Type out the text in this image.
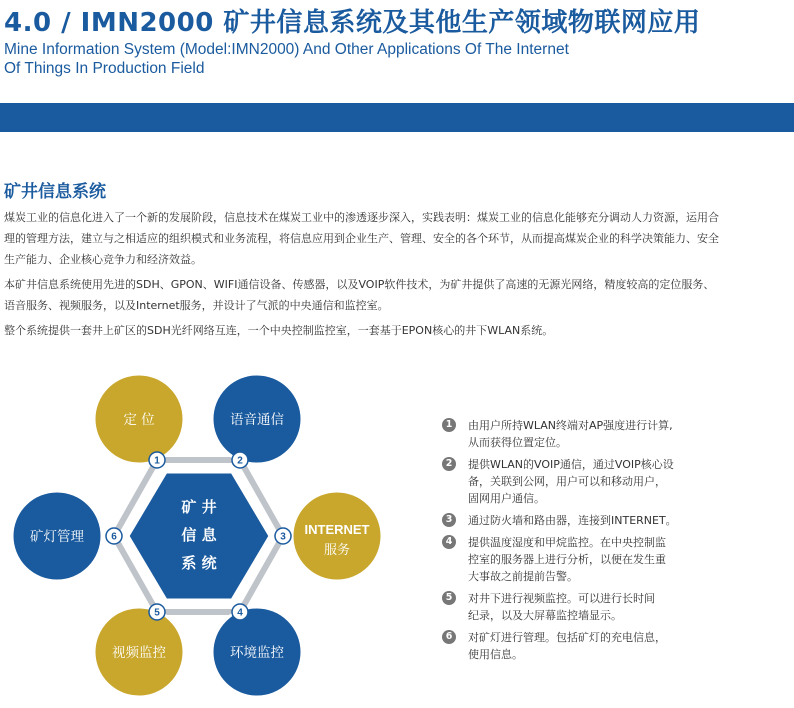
4.0 / IMN2000 矿井信息系统及其他生产领域物联网应用
Mine Information System (Model:IMN2000) And Other Applications Of The Internet
Of Things In Production Field
矿井信息系统
煤炭工业的信息化进入了一个新的发展阶段，信息技术在煤炭工业中的渗透逐步深入，实践表明：煤炭工业的信息化能够充分调动人力资源，运用合理的管理方法，建立与之相适应的组织模式和业务流程，将信息应用到企业生产、管理、安全的各个环节，从而提高煤炭企业的科学决策能力、安全生产能力、企业核心竞争力和经济效益。
本矿井信息系统使用先进的SDH、GPON、WIFI通信设备、传感器，以及VOIP软件技术，为矿井提供了高速的无源光网络，精度较高的定位服务、语音服务、视频服务，以及Internet服务，并设计了气派的中央通信和监控室。
整个系统提供一套井上矿区的SDH光纤网络互连，一个中央控制监控室，一套基于EPON核心的井下WLAN系统。
矿 井
信 息
系 统
定 位
1
语音通信
2
INTERNET
服务
3
环境监控
4
视频监控
5
矿灯管理	6
1	由用户所持WLAN终端对AP强度进行计算,
从而获得位置定位。
2	提供WLAN的VOIP通信，通过VOIP核心设
备，关联到公网，用户可以和移动用户，
固网用户通信。
3	通过防火墙和路由器，连接到INTERNET。
4	提供温度湿度和甲烷监控。在中央控制监
控室的服务器上进行分析，以便在发生重
大事故之前提前告警。
5	对井下进行视频监控。可以进行长时间
纪录，以及大屏幕监控墙显示。
6	对矿灯进行管理。包括矿灯的充电信息，
使用信息。
